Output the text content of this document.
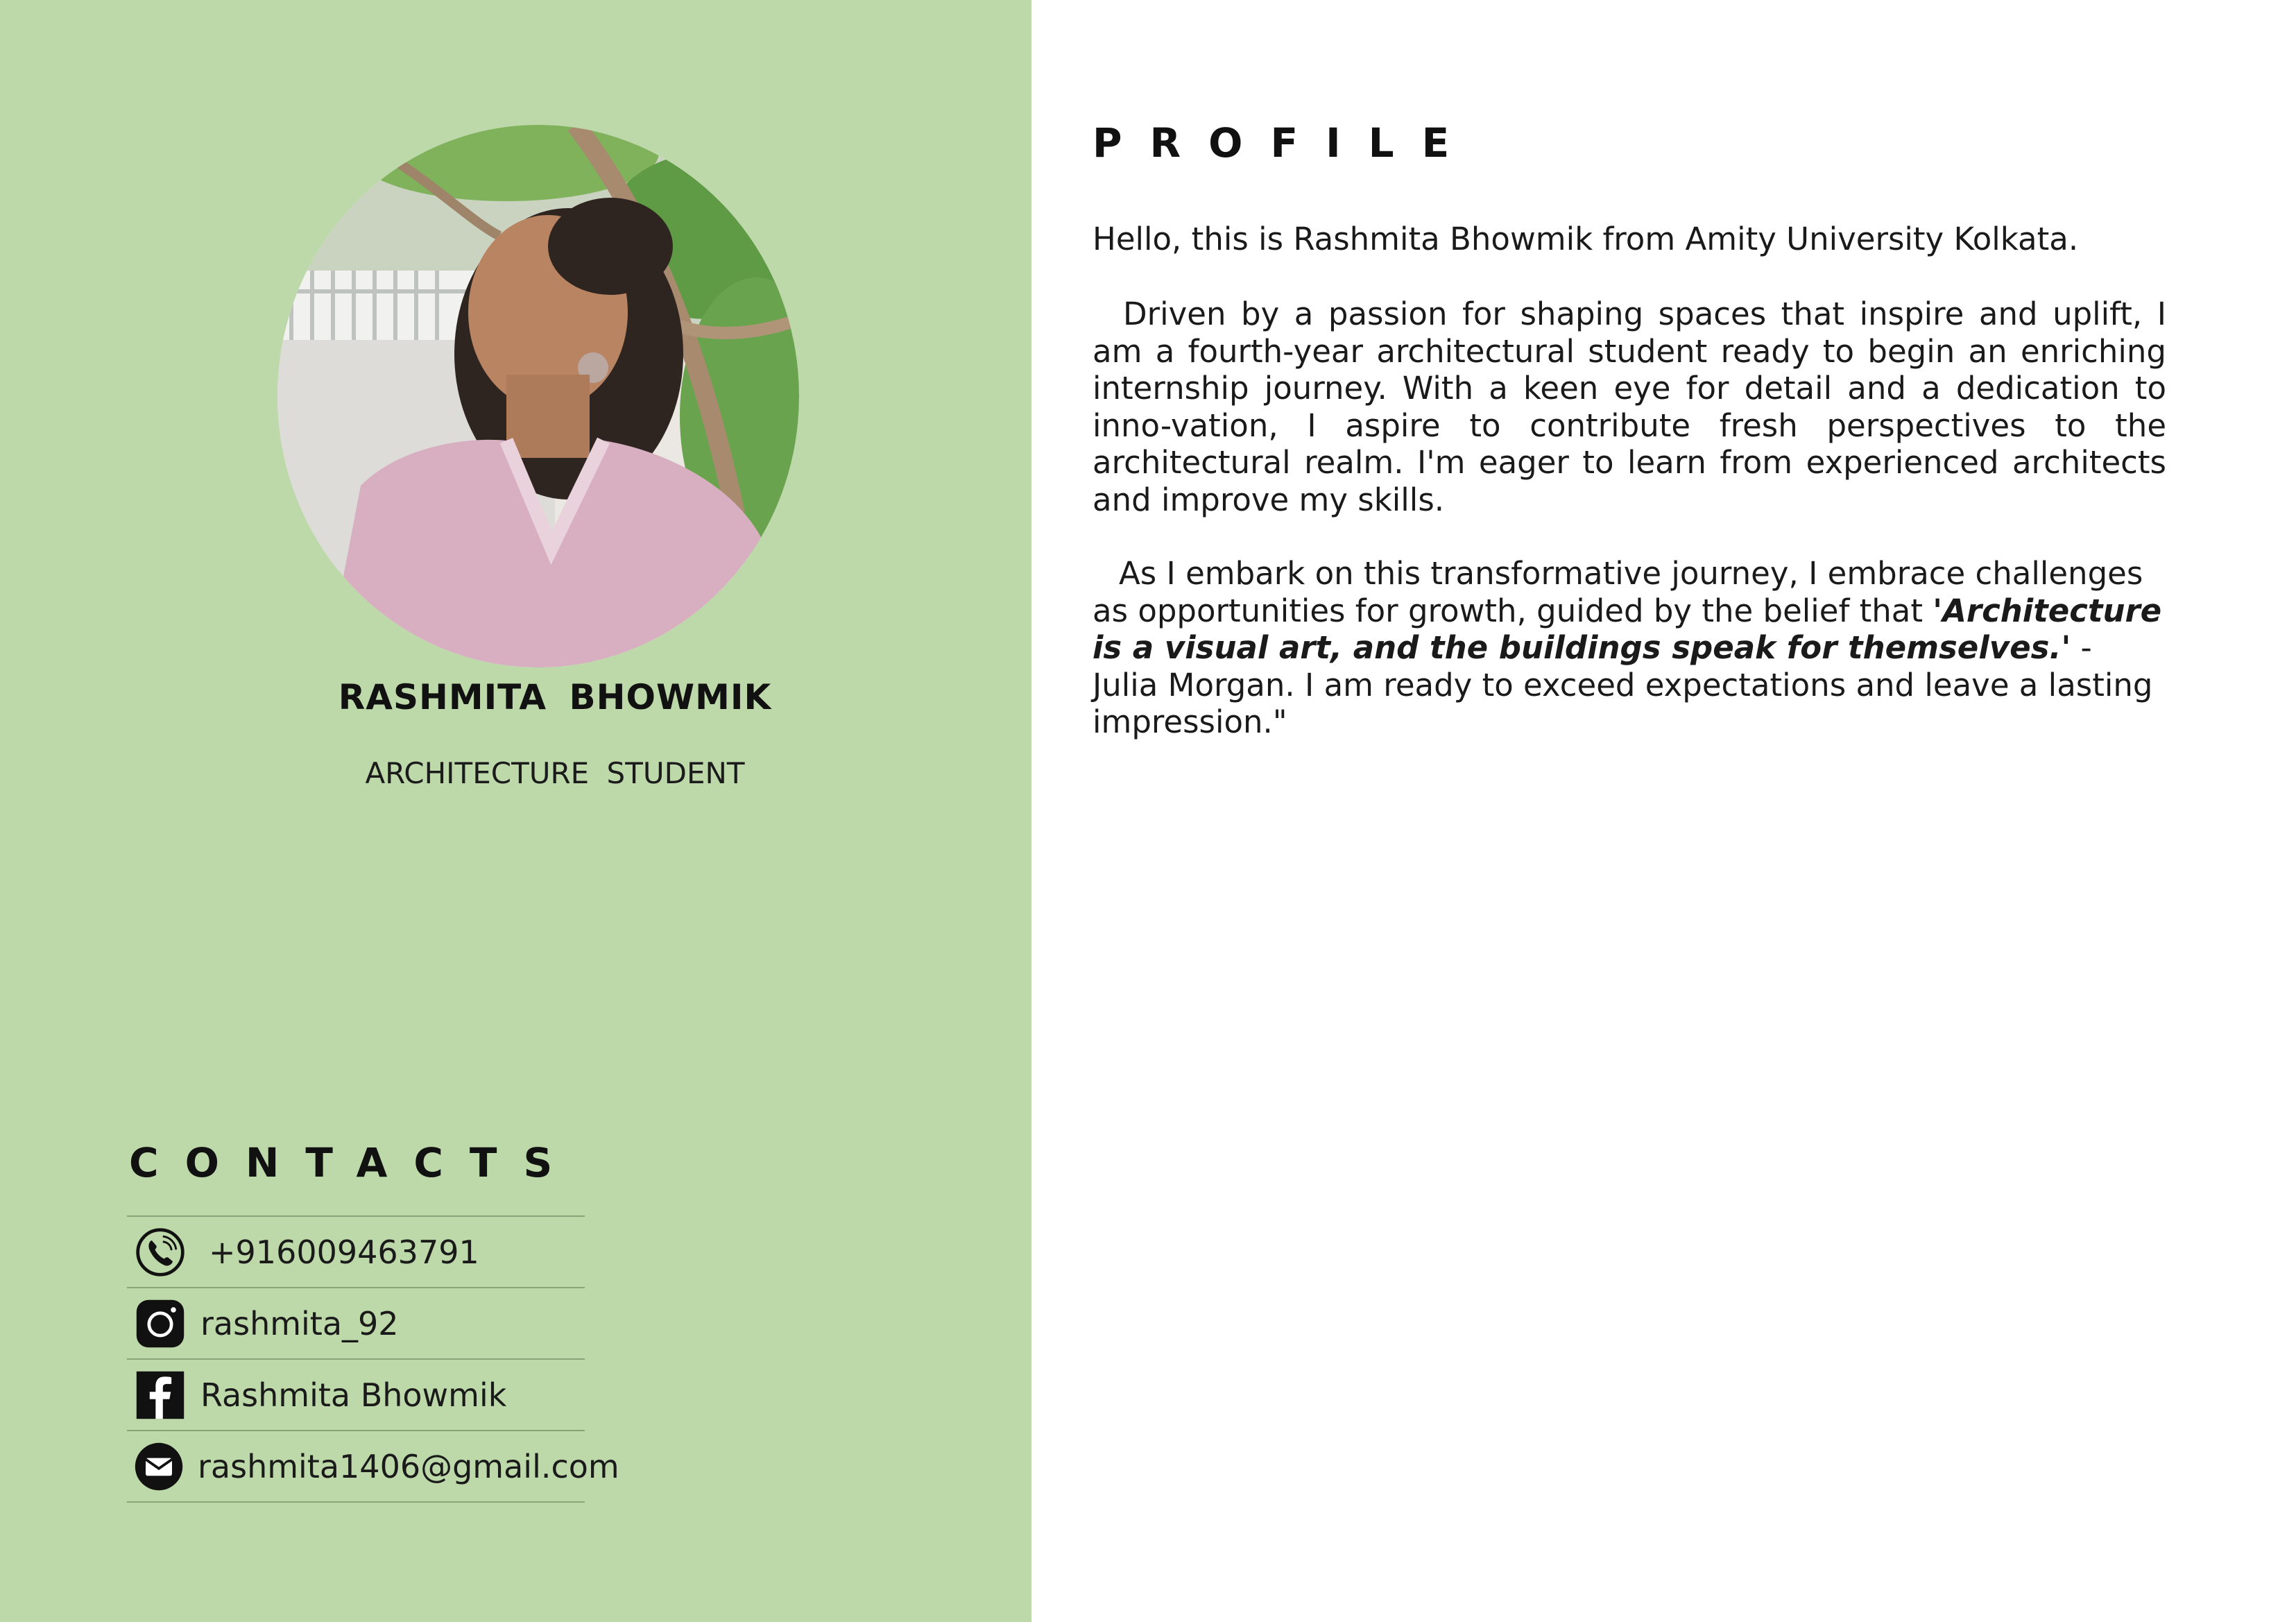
RASHMITA BHOWMIK
ARCHITECTURE STUDENT
CONTACTS
+916009463791
rashmita_92
Rashmita Bhowmik
rashmita1406@gmail.com
PROFILE
Hello, this is Rashmita Bhowmik from Amity University Kolkata.
Driven by a passion for shaping spaces that inspire and uplift, I am a fourth-year architectural student ready to begin an enriching internship journey. With a keen eye for detail and a dedication to inno-vation, I aspire to contribute fresh perspectives to the architectural realm. I'm eager to learn from experienced architects and improve my skills.
As I embark on this transformative journey, I embrace challenges as opportunities for growth, guided by the belief that 'Architecture is a visual art, and the buildings speak for themselves.' - Julia Morgan. I am ready to exceed expectations and leave a lasting impression."
